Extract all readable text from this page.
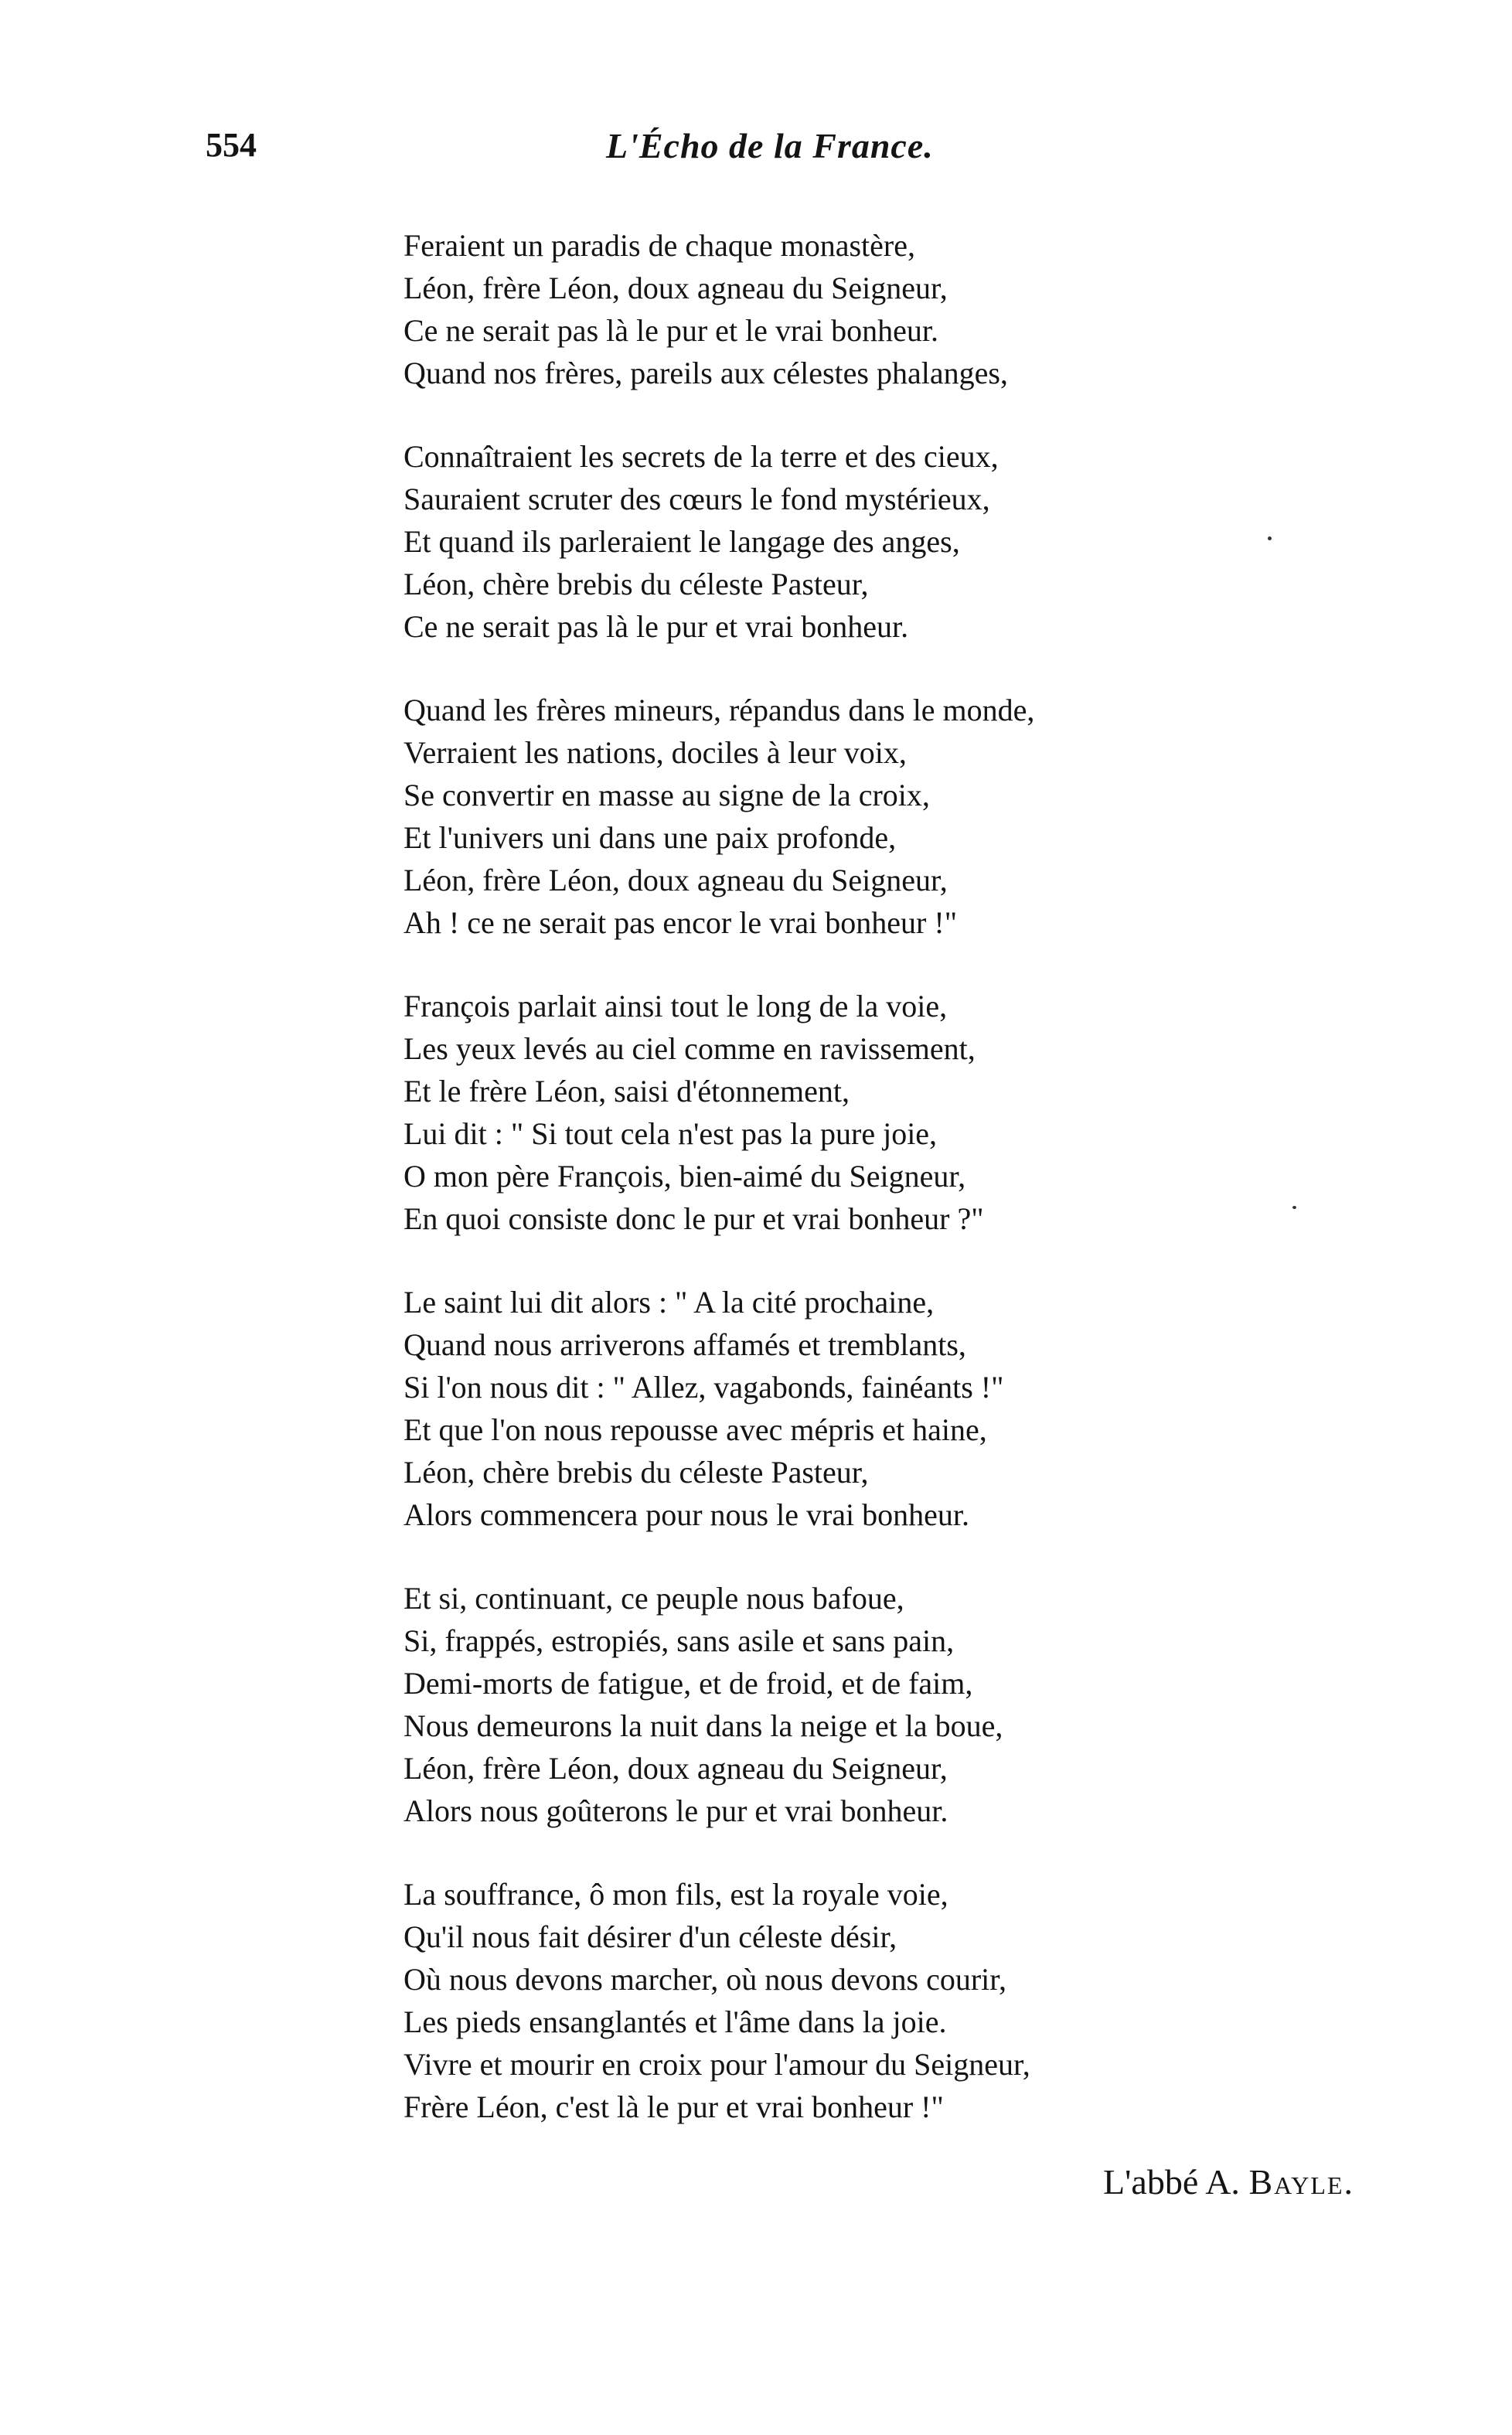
554	L'Écho de la France.
Feraient un paradis de chaque monastère,
Léon, frère Léon, doux agneau du Seigneur,
Ce ne serait pas là le pur et le vrai bonheur.
Quand nos frères, pareils aux célestes phalanges,
Connaîtraient les secrets de la terre et des cieux,
Sauraient scruter des cœurs le fond mystérieux,
Et quand ils parleraient le langage des anges,
Léon, chère brebis du céleste Pasteur,
Ce ne serait pas là le pur et vrai bonheur.
Quand les frères mineurs, répandus dans le monde,
Verraient les nations, dociles à leur voix,
Se convertir en masse au signe de la croix,
Et l'univers uni dans une paix profonde,
Léon, frère Léon, doux agneau du Seigneur,
Ah ! ce ne serait pas encor le vrai bonheur !"
François parlait ainsi tout le long de la voie,
Les yeux levés au ciel comme en ravissement,
Et le frère Léon, saisi d'étonnement,
Lui dit : " Si tout cela n'est pas la pure joie,
O mon père François, bien-aimé du Seigneur,
En quoi consiste donc le pur et vrai bonheur ?"
Le saint lui dit alors : " A la cité prochaine,
Quand nous arriverons affamés et tremblants,
Si l'on nous dit : " Allez, vagabonds, fainéants !"
Et que l'on nous repousse avec mépris et haine,
Léon, chère brebis du céleste Pasteur,
Alors commencera pour nous le vrai bonheur.
Et si, continuant, ce peuple nous bafoue,
Si, frappés, estropiés, sans asile et sans pain,
Demi-morts de fatigue, et de froid, et de faim,
Nous demeurons la nuit dans la neige et la boue,
Léon, frère Léon, doux agneau du Seigneur,
Alors nous goûterons le pur et vrai bonheur.
La souffrance, ô mon fils, est la royale voie,
Qu'il nous fait désirer d'un céleste désir,
Où nous devons marcher, où nous devons courir,
Les pieds ensanglantés et l'âme dans la joie.
Vivre et mourir en croix pour l'amour du Seigneur,
Frère Léon, c'est là le pur et vrai bonheur !"
L'abbé A. Bayle.
